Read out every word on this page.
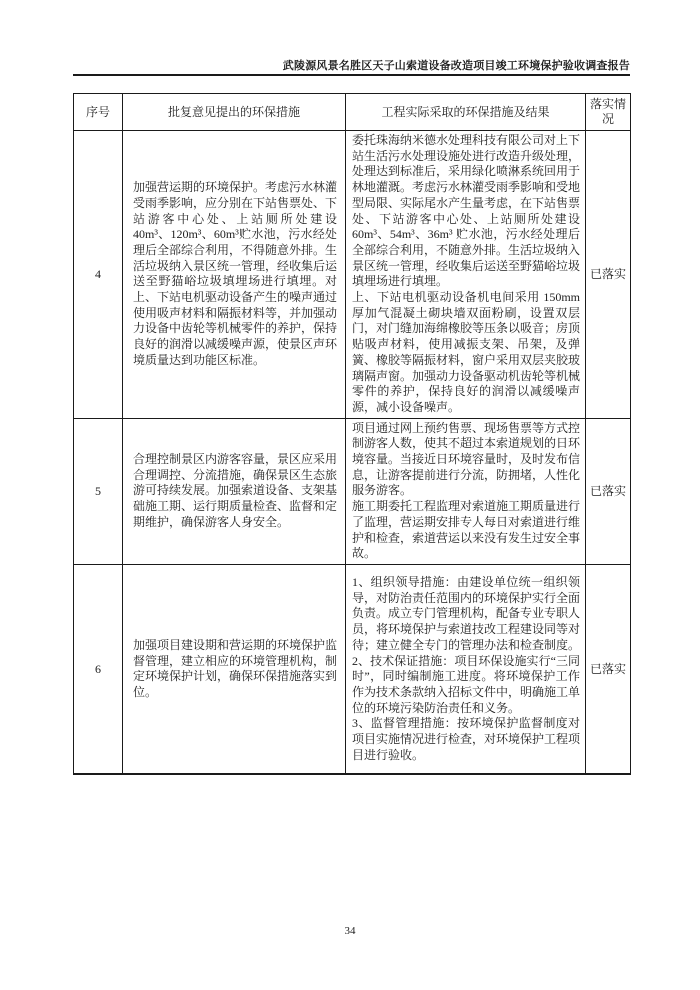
武陵源风景名胜区天子山索道设备改造项目竣工环境保护验收调查报告
序号	批复意见提出的环保措施	工程实际采取的环保措施及结果	落实情况
4	加强营运期的环境保护。考虑污水林灌受雨季影响，应分别在下站售票处、下站游客中心处、上站厕所处建设 40m³、120m³、60m³贮水池，污水经处理后全部综合利用，不得随意外排。生活垃圾纳入景区统一管理，经收集后运送至野猫峪垃圾填埋场进行填埋。对上、下站电机驱动设备产生的噪声通过使用吸声材料和隔振材料等，并加强动力设备中齿轮等机械零件的养护，保持良好的润滑以减缓噪声源，使景区声环境质量达到功能区标准。	

委托珠海纳米德水处理科技有限公司对上下站生活污水处理设施处进行改造升级处理，处理达到标准后，采用绿化喷淋系统回用于林地灌溉。考虑污水林灌受雨季影响和受地型局限、实际尾水产生量考虑，在下站售票处、下站游客中心处、上站厕所处建设 60m³、54m³、36m³ 贮水池，污水经处理后全部综合利用，不随意外排。生活垃圾纳入景区统一管理，经收集后运送至野猫峪垃圾填埋场进行填埋。

上、下站电机驱动设备机电间采用 150mm 厚加气混凝土砌块墙双面粉刷，设置双层门，对门缝加海绵橡胶等压条以吸音；房顶贴吸声材料，使用减振支架、吊架，及弹簧、橡胶等隔振材料，窗户采用双层夹胶玻璃隔声窗。加强动力设备驱动机齿轮等机械零件的养护，保持良好的润滑以减缓噪声源，减小设备噪声。

	已落实
5	合理控制景区内游客容量，景区应采用合理调控、分流措施，确保景区生态旅游可持续发展。加强索道设备、支架基础施工期、运行期质量检查、监督和定期维护，确保游客人身安全。	项目通过网上预约售票、现场售票等方式控制游客人数，使其不超过本索道规划的日环境容量。当接近日环境容量时，及时发布信息，让游客提前进行分流，防拥堵，人性化服务游客。

施工期委托工程监理对索道施工期质量进行了监理，营运期安排专人每日对索道进行维护和检查，索道营运以来没有发生过安全事故。	已落实
6	加强项目建设期和营运期的环境保护监督管理，建立相应的环境管理机构，制定环境保护计划，确保环保措施落实到位。	1、组织领导措施：由建设单位统一组织领导，对防治责任范围内的环境保护实行全面负责。成立专门管理机构，配备专业专职人员，将环境保护与索道技改工程建设同等对待；建立健全专门的管理办法和检查制度。

2、技术保证措施：项目环保设施实行“三同时”，同时编制施工进度。将环境保护工作作为技术条款纳入招标文件中，明确施工单位的环境污染防治责任和义务。

3、监督管理措施：按环境保护监督制度对项目实施情况进行检查，对环境保护工程项目进行验收。	已落实
34
